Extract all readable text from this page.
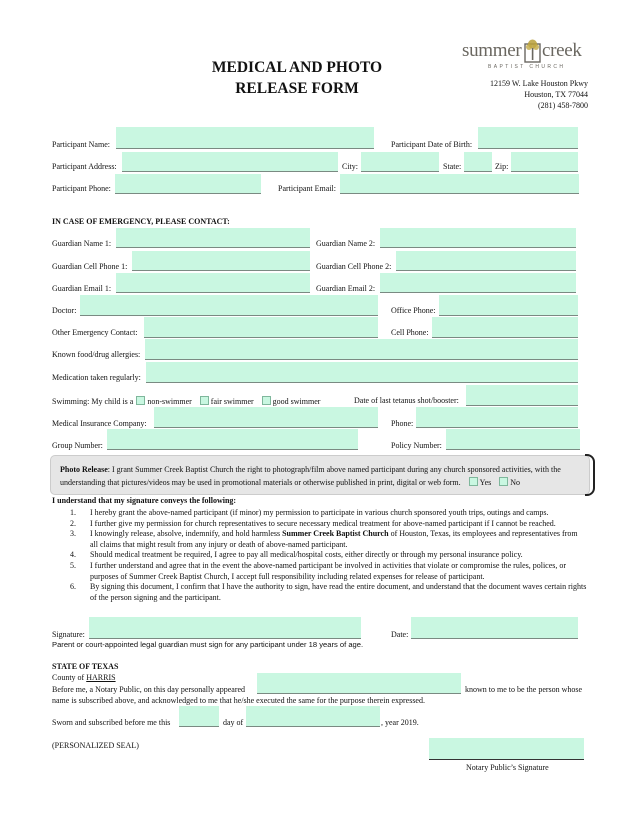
MEDICAL AND PHOTO
RELEASE FORM
summer creek
BAPTIST CHURCH
12159 W. Lake Houston Pkwy
Houston, TX 77044
(281) 458-7800
Participant Name:	Participant Date of Birth:
Participant Address:	City:	State:	Zip:
Participant Phone:	Participant Email:
IN CASE OF EMERGENCY, PLEASE CONTACT:
Guardian Name 1:	Guardian Name 2:
Guardian Cell Phone 1:	Guardian Cell Phone 2:
Guardian Email 1:	Guardian Email 2:
Doctor:	Office Phone:
Other Emergency Contact:	Cell Phone:
Known food/drug allergies:
Medication taken regularly:
Swimming: My child is a non-swimmer fair swimmer good swimmer	Date of last tetanus shot/booster:
Medical Insurance Company:	Phone:
Group Number:	Policy Number:
Photo Release: I grant Summer Creek Baptist Church the right to photograph/film above named participant during any church sponsored activities, with the understanding that pictures/videos may be used in promotional materials or otherwise published in print, digital or web form. Yes No
I understand that my signature conveys the following:

1. I hereby grant the above-named participant (if minor) my permission to participate in various church sponsored youth trips, outings and camps.

2. I further give my permission for church representatives to secure necessary medical treatment for above-named participant if I cannot be reached.

3. I knowingly release, absolve, indemnify, and hold harmless Summer Creek Baptist Church of Houston, Texas, its employees and representatives from all claims that might result from any injury or death of above-named participant.

4. Should medical treatment be required, I agree to pay all medical/hospital costs, either directly or through my personal insurance policy.

5. I further understand and agree that in the event the above-named participant be involved in activities that violate or compromise the rules, polices, or purposes of Summer Creek Baptist Church, I accept full responsibility including related expenses for release of participant.

6. By signing this document, I confirm that I have the authority to sign, have read the entire document, and understand that the document waves certain rights of the person signing and the participant.

Signature:	Date:
Parent or court-appointed legal guardian must sign for any participant under 18 years of age.
STATE OF TEXAS
County of HARRIS
Before me, a Notary Public, on this day personally appeared	known to me to be the person whose
name is subscribed above, and acknowledged to me that he/she executed the same for the purpose therein expressed.
Sworn and subscribed before me this	day of	, year 2019.
(PERSONALIZED SEAL)
Notary Public’s Signature
